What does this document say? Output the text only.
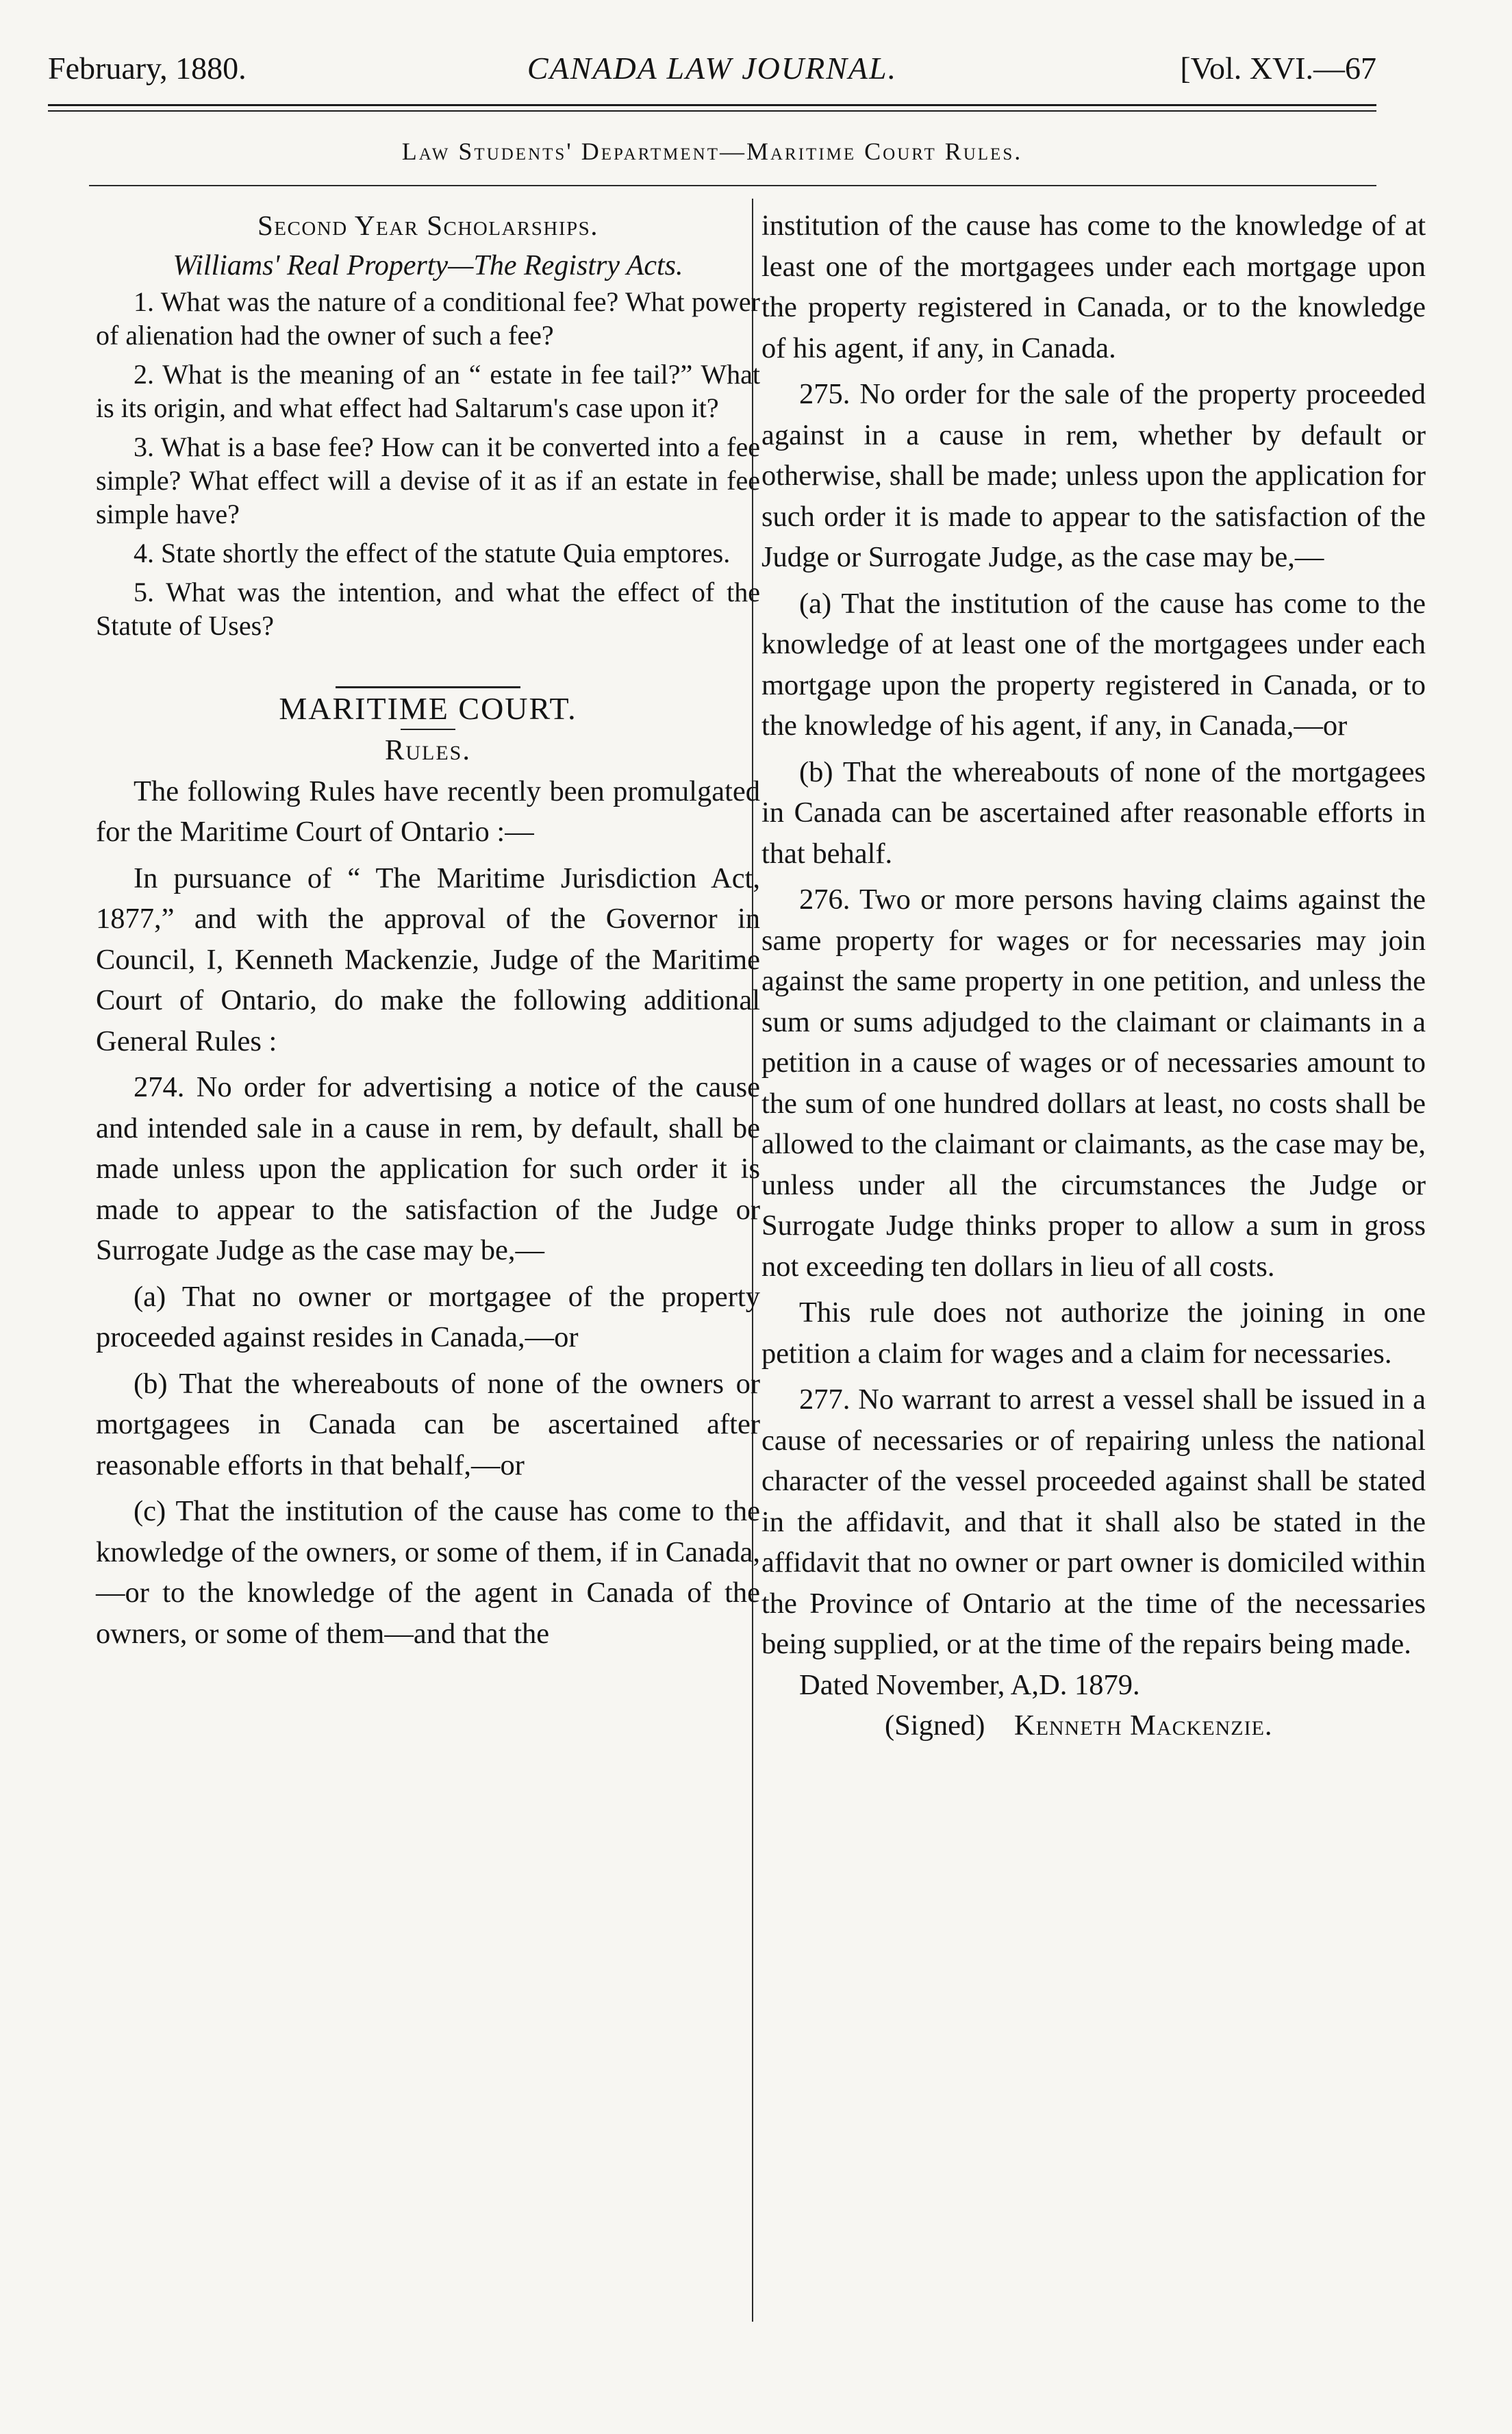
February, 1880.	CANADA LAW JOURNAL.	[Vol. XVI.—67
Law Students' Department—Maritime Court Rules.

Second Year Scholarships.

Williams' Real Property—The Registry Acts.

1. What was the nature of a conditional fee? What power of alienation had the owner of such a fee?

2. What is the meaning of an “ estate in fee tail?” What is its origin, and what effect had Saltarum's case upon it?

3. What is a base fee? How can it be converted into a fee simple? What effect will a devise of it as if an estate in fee simple have?

4. State shortly the effect of the statute Quia emptores.

5. What was the intention, and what the effect of the Statute of Uses?

MARITIME COURT.

Rules.

The following Rules have recently been promulgated for the Maritime Court of Ontario :—

In pursuance of “ The Maritime Jurisdiction Act, 1877,” and with the approval of the Governor in Council, I, Kenneth Mackenzie, Judge of the Maritime Court of Ontario, do make the following additional General Rules :

274. No order for advertising a notice of the cause and intended sale in a cause in rem, by default, shall be made unless upon the application for such order it is made to appear to the satisfaction of the Judge or Surrogate Judge as the case may be,—

(a) That no owner or mortgagee of the property proceeded against resides in Canada,—or

(b) That the whereabouts of none of the owners or mortgagees in Canada can be ascertained after reasonable efforts in that behalf,—or

(c) That the institution of the cause has come to the knowledge of the owners, or some of them, if in Canada,—or to the knowledge of the agent in Canada of the owners, or some of them—and that the

institution of the cause has come to the knowledge of at least one of the mortgagees under each mortgage upon the property registered in Canada, or to the knowledge of his agent, if any, in Canada.

275. No order for the sale of the property proceeded against in a cause in rem, whether by default or otherwise, shall be made; unless upon the application for such order it is made to appear to the satisfaction of the Judge or Surrogate Judge, as the case may be,—

(a) That the institution of the cause has come to the knowledge of at least one of the mortgagees under each mortgage upon the property registered in Canada, or to the knowledge of his agent, if any, in Canada,—or

(b) That the whereabouts of none of the mortgagees in Canada can be ascertained after reasonable efforts in that behalf.

276. Two or more persons having claims against the same property for wages or for necessaries may join against the same property in one petition, and unless the sum or sums adjudged to the claimant or claimants in a petition in a cause of wages or of necessaries amount to the sum of one hundred dollars at least, no costs shall be allowed to the claimant or claimants, as the case may be, unless under all the circumstances the Judge or Surrogate Judge thinks proper to allow a sum in gross not exceeding ten dollars in lieu of all costs.

This rule does not authorize the joining in one petition a claim for wages and a claim for necessaries.

277. No warrant to arrest a vessel shall be issued in a cause of necessaries or of repairing unless the national character of the vessel proceeded against shall be stated in the affidavit, and that it shall also be stated in the affidavit that no owner or part owner is domiciled within the Province of Ontario at the time of the necessaries being supplied, or at the time of the repairs being made.

Dated November, A,D. 1879.

(Signed) Kenneth Mackenzie.
